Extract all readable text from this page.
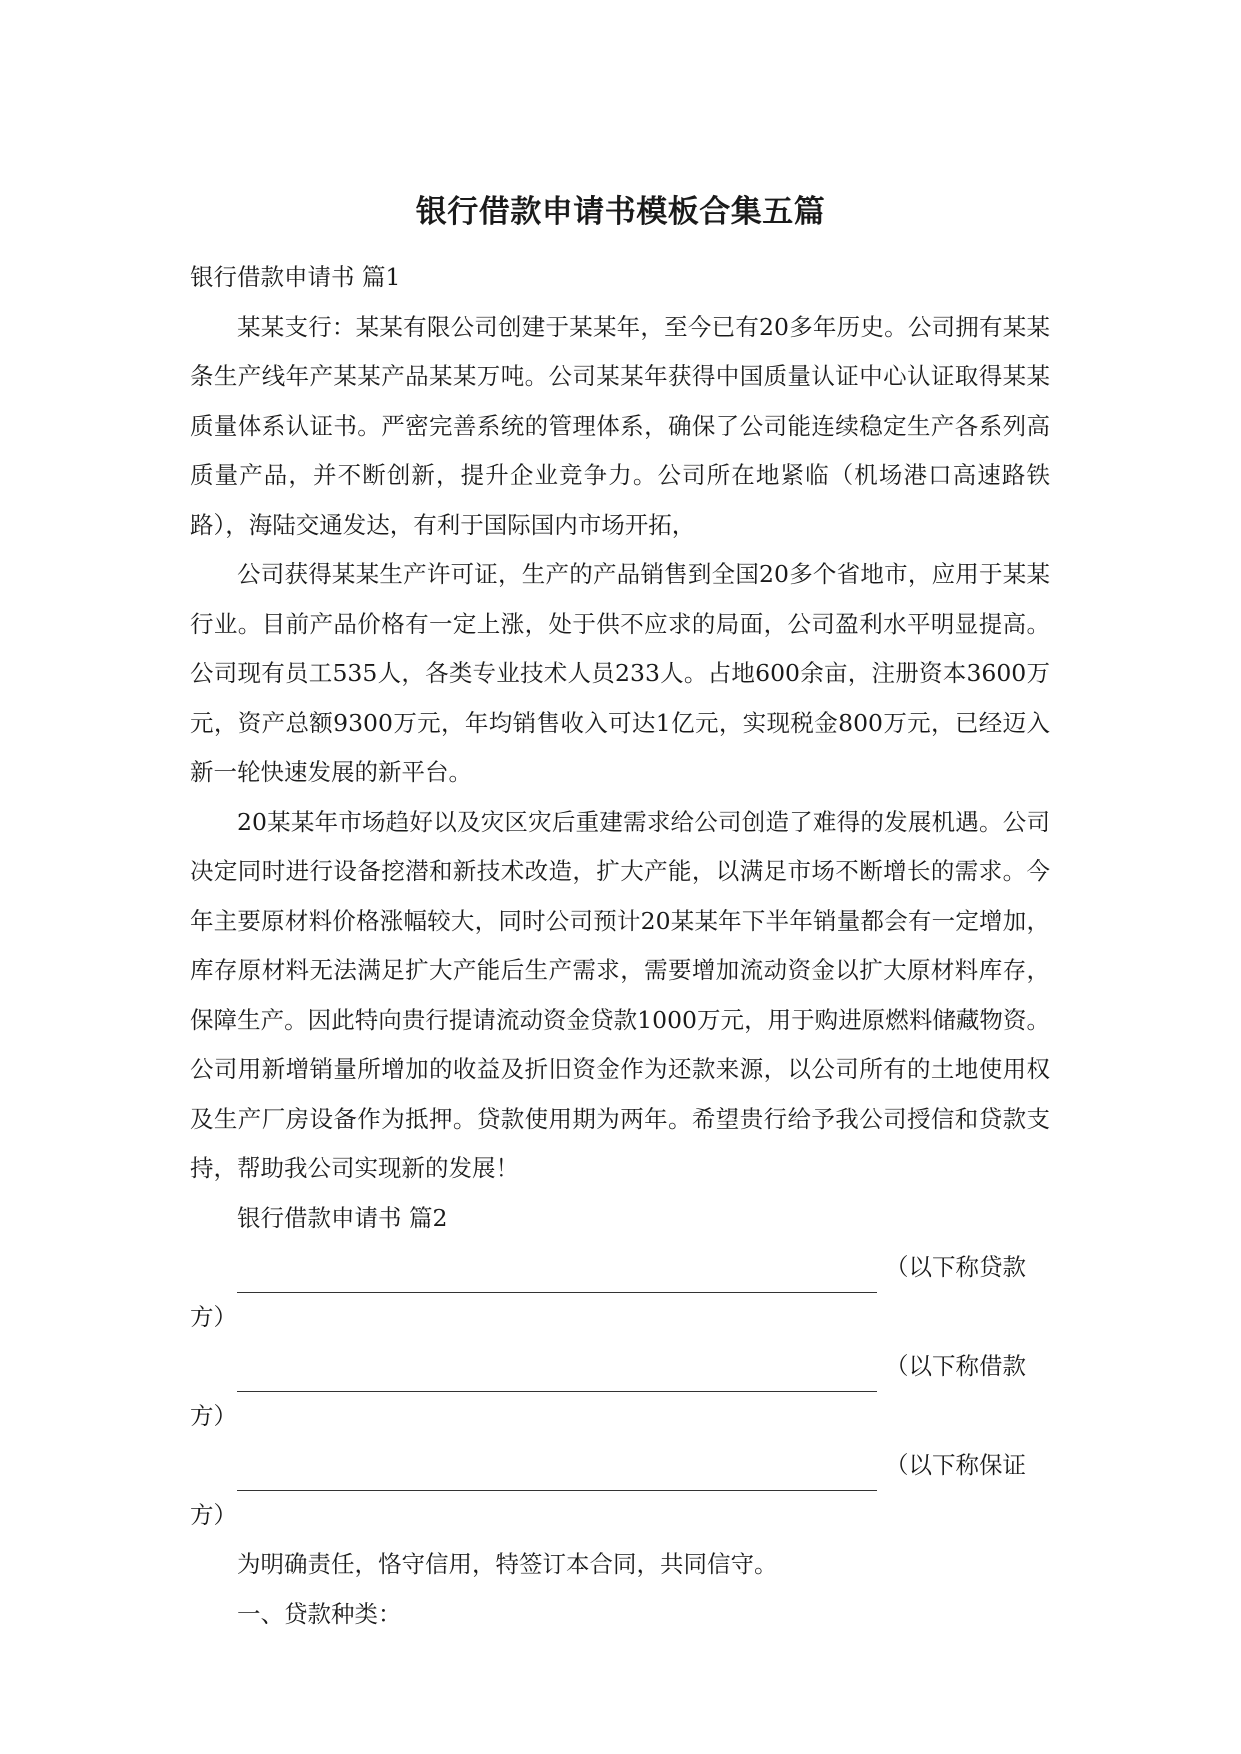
银行借款申请书模板合集五篇

银行借款申请书 篇1

某某支行：某某有限公司创建于某某年，至今已有20多年历史。公司拥有某某条生产线年产某某产品某某万吨。公司某某年获得中国质量认证中心认证取得某某质量体系认证书。严密完善系统的管理体系，确保了公司能连续稳定生产各系列高质量产品，并不断创新，提升企业竞争力。公司所在地紧临（机场港口高速路铁路），海陆交通发达，有利于国际国内市场开拓，

公司获得某某生产许可证，生产的产品销售到全国20多个省地市，应用于某某行业。目前产品价格有一定上涨，处于供不应求的局面，公司盈利水平明显提高。公司现有员工535人，各类专业技术人员233人。占地600余亩，注册资本3600万元，资产总额9300万元，年均销售收入可达1亿元，实现税金800万元，已经迈入新一轮快速发展的新平台。

20某某年市场趋好以及灾区灾后重建需求给公司创造了难得的发展机遇。公司决定同时进行设备挖潜和新技术改造，扩大产能，以满足市场不断增长的需求。今年主要原材料价格涨幅较大，同时公司预计20某某年下半年销量都会有一定增加，库存原材料无法满足扩大产能后生产需求，需要增加流动资金以扩大原材料库存，保障生产。因此特向贵行提请流动资金贷款1000万元，用于购进原燃料储藏物资。公司用新增销量所增加的收益及折旧资金作为还款来源，以公司所有的土地使用权及生产厂房设备作为抵押。贷款使用期为两年。希望贵行给予我公司授信和贷款支持，帮助我公司实现新的发展！

银行借款申请书 篇2

（以下称贷款

方）

（以下称借款

方）

（以下称保证

方）

为明确责任，恪守信用，特签订本合同，共同信守。

一、贷款种类：
